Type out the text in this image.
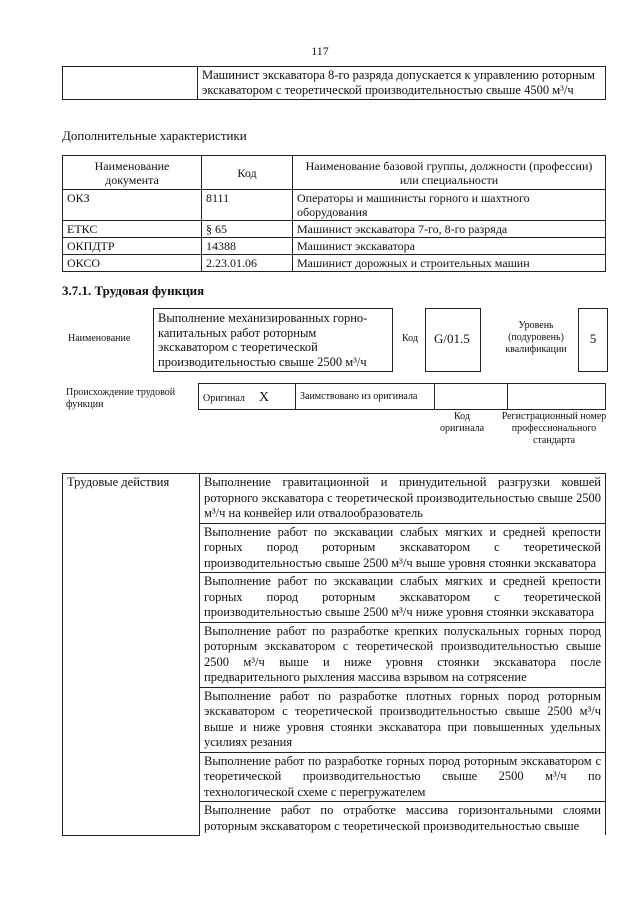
117
	Машинист экскаватора 8-го разряда допускается к управлению роторным экскаватором с теоретической производительностью свыше 4500 м³/ч
Дополнительные характеристики
Наименование документа	Код	Наименование базовой группы, должности (профессии) или специальности
ОКЗ	8111	Операторы и машинисты горного и шахтного оборудования
ЕТКС	§ 65	Машинист экскаватора 7-го, 8-го разряда
ОКПДТР	14388	Машинист экскаватора
ОКСО	2.23.01.06	Машинист дорожных и строительных машин
3.7.1. Трудовая функция
Наименование
Выполнение механизированных горно-капитальных работ роторным экскаватором с теоретической производительностью свыше 2500 м³/ч
Код	G/01.5
Уровень (подуровень) квалификации
5
Происхождение трудовой функции
Оригинал X	Заимствовано из оригинала		
Код оригинала
Регистрационный номер профессионального стандарта
Трудовые действия	Выполнение гравитационной и принудительной разгрузки ковшей роторного экскаватора с теоретической производительностью свыше 2500 м³/ч на конвейер или отвалообразователь
Выполнение работ по экскавации слабых мягких и средней крепости горных пород роторным экскаватором с теоретической производительностью свыше 2500 м³/ч выше уровня стоянки экскаватора
Выполнение работ по экскавации слабых мягких и средней крепости горных пород роторным экскаватором с теоретической производительностью свыше 2500 м³/ч ниже уровня стоянки экскаватора
Выполнение работ по разработке крепких полускальных горных пород роторным экскаватором с теоретической производительностью свыше 2500 м³/ч выше и ниже уровня стоянки экскаватора после предварительного рыхления массива взрывом на сотрясение
Выполнение работ по разработке плотных горных пород роторным экскаватором с теоретической производительностью свыше 2500 м³/ч выше и ниже уровня стоянки экскаватора при повышенных удельных усилиях резания
Выполнение работ по разработке горных пород роторным экскаватором с теоретической производительностью свыше 2500 м³/ч по технологической схеме с перегружателем
Выполнение работ по отработке массива горизонтальными слоями роторным экскаватором с теоретической производительностью свыше
